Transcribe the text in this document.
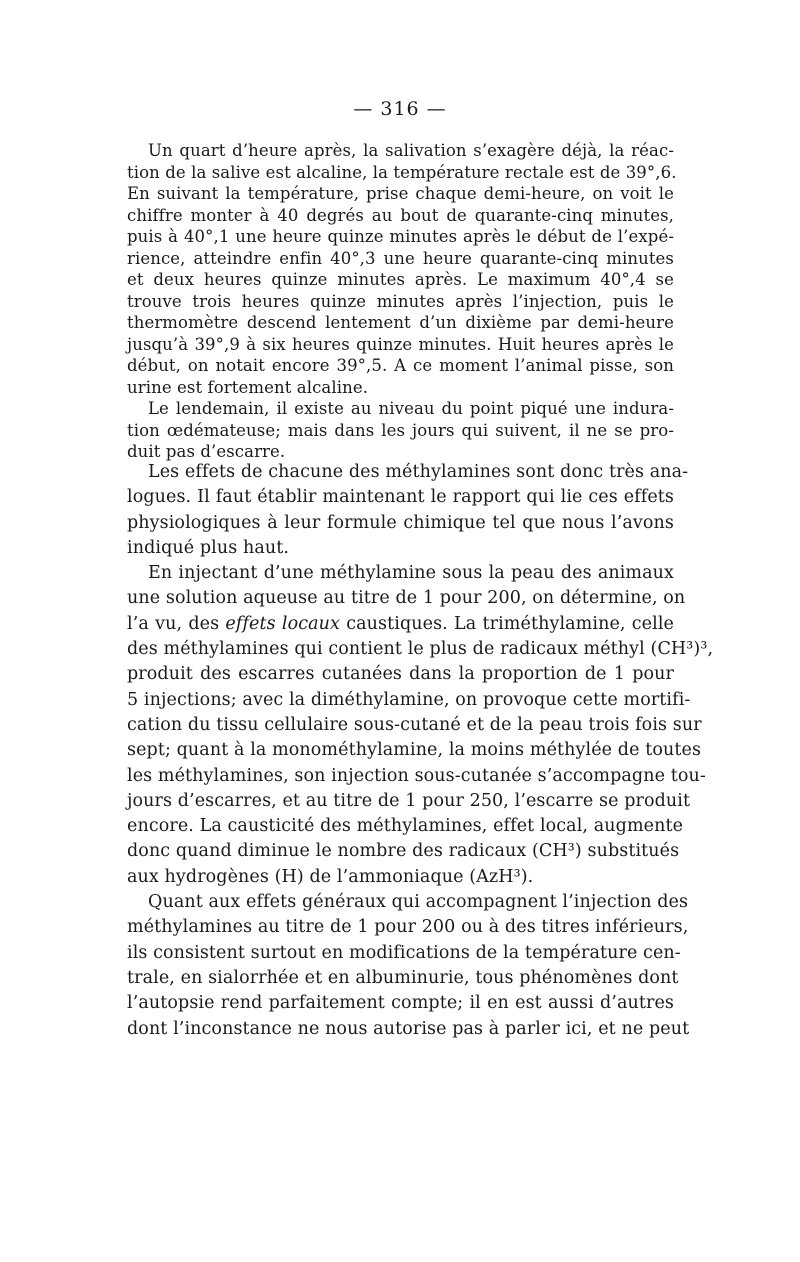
— 316 —
Un quart d’heure après, la salivation s’exagère déjà, la réac-
tion de la salive est alcaline, la température rectale est de 39°,6.
En suivant la température, prise chaque demi-heure, on voit le
chiffre monter à 40 degrés au bout de quarante-cinq minutes,
puis à 40°,1 une heure quinze minutes après le début de l’expé-
rience, atteindre enfin 40°,3 une heure quarante-cinq minutes
et deux heures quinze minutes après. Le maximum 40°,4 se
trouve trois heures quinze minutes après l’injection, puis le
thermomètre descend lentement d’un dixième par demi-heure
jusqu’à 39°,9 à six heures quinze minutes. Huit heures après le
début, on notait encore 39°,5. A ce moment l’animal pisse, son
urine est fortement alcaline.
Le lendemain, il existe au niveau du point piqué une indura-
tion œdémateuse; mais dans les jours qui suivent, il ne se pro-
duit pas d’escarre.
Les effets de chacune des méthylamines sont donc très ana-
logues. Il faut établir maintenant le rapport qui lie ces effets
physiologiques à leur formule chimique tel que nous l’avons
indiqué plus haut.
En injectant d’une méthylamine sous la peau des animaux
une solution aqueuse au titre de 1 pour 200, on détermine, on
l’a vu, des effets locaux caustiques. La triméthylamine, celle
des méthylamines qui contient le plus de radicaux méthyl (CH³)³,
produit des escarres cutanées dans la proportion de 1 pour
5 injections; avec la diméthylamine, on provoque cette mortifi-
cation du tissu cellulaire sous-cutané et de la peau trois fois sur
sept; quant à la monométhylamine, la moins méthylée de toutes
les méthylamines, son injection sous-cutanée s’accompagne tou-
jours d’escarres, et au titre de 1 pour 250, l’escarre se produit
encore. La causticité des méthylamines, effet local, augmente
donc quand diminue le nombre des radicaux (CH³) substitués
aux hydrogènes (H) de l’ammoniaque (AzH³).
Quant aux effets généraux qui accompagnent l’injection des
méthylamines au titre de 1 pour 200 ou à des titres inférieurs,
ils consistent surtout en modifications de la température cen-
trale, en sialorrhée et en albuminurie, tous phénomènes dont
l’autopsie rend parfaitement compte; il en est aussi d’autres
dont l’inconstance ne nous autorise pas à parler ici, et ne peut
